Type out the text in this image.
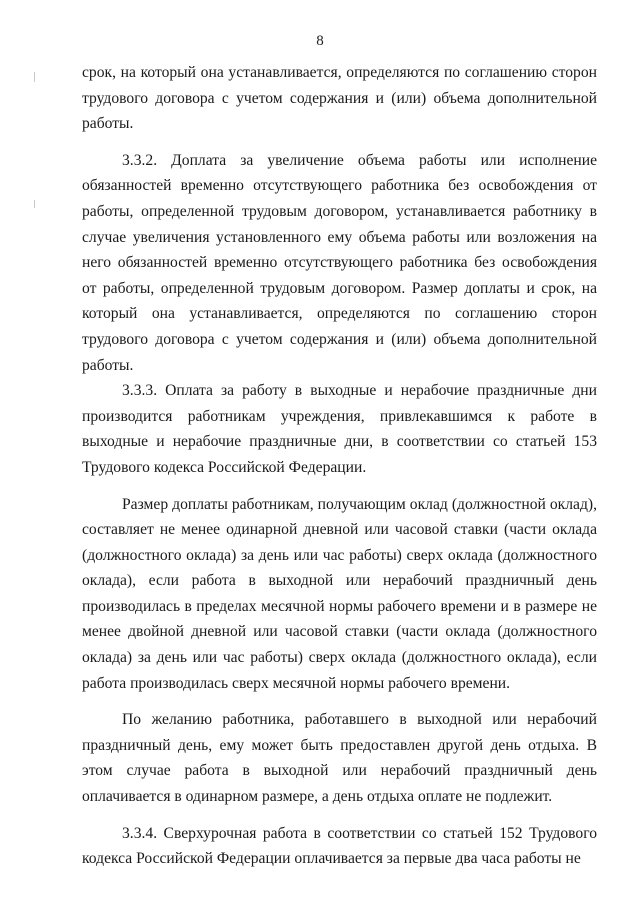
8

срок, на который она устанавливается, определяются по соглашению сторон трудового договора с учетом содержания и (или) объема дополнительной работы.

3.3.2. Доплата за увеличение объема работы или исполнение обязанностей временно отсутствующего работника без освобождения от работы, определенной трудовым договором, устанавливается работнику в случае увеличения установленного ему объема работы или возложения на него обязанностей временно отсутствующего работника без освобождения от работы, определенной трудовым договором. Размер доплаты и срок, на который она устанавливается, определяются по соглашению сторон трудового договора с учетом содержания и (или) объема дополнительной работы.

3.3.3. Оплата за работу в выходные и нерабочие праздничные дни производится работникам учреждения, привлекавшимся к работе в выходные и нерабочие праздничные дни, в соответствии со статьей 153 Трудового кодекса Российской Федерации.

Размер доплаты работникам, получающим оклад (должностной оклад), составляет не менее одинарной дневной или часовой ставки (части оклада (должностного оклада) за день или час работы) сверх оклада (должностного оклада), если работа в выходной или нерабочий праздничный день производилась в пределах месячной нормы рабочего времени и в размере не менее двойной дневной или часовой ставки (части оклада (должностного оклада) за день или час работы) сверх оклада (должностного оклада), если работа производилась сверх месячной нормы рабочего времени.

По желанию работника, работавшего в выходной или нерабочий праздничный день, ему может быть предоставлен другой день отдыха. В этом случае работа в выходной или нерабочий праздничный день оплачивается в одинарном размере, а день отдыха оплате не подлежит.

3.3.4. Сверхурочная работа в соответствии со статьей 152 Трудового кодекса Российской Федерации оплачивается за первые два часа работы не
